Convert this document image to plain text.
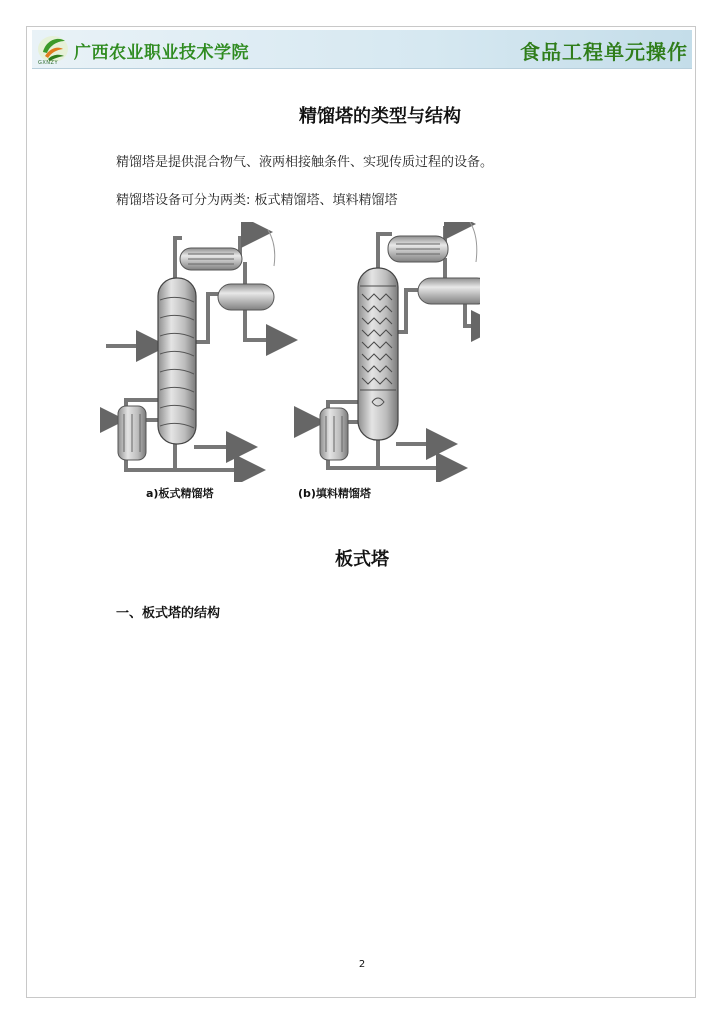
GXNZY 广西农业职业技术学院	食品工程单元操作
精馏塔的类型与结构
精馏塔是提供混合物气、液两相接触条件、实现传质过程的设备。
精馏塔设备可分为两类: 板式精馏塔、填料精馏塔
a)板式精馏塔	(b)填料精馏塔
板式塔
一、板式塔的结构
2
